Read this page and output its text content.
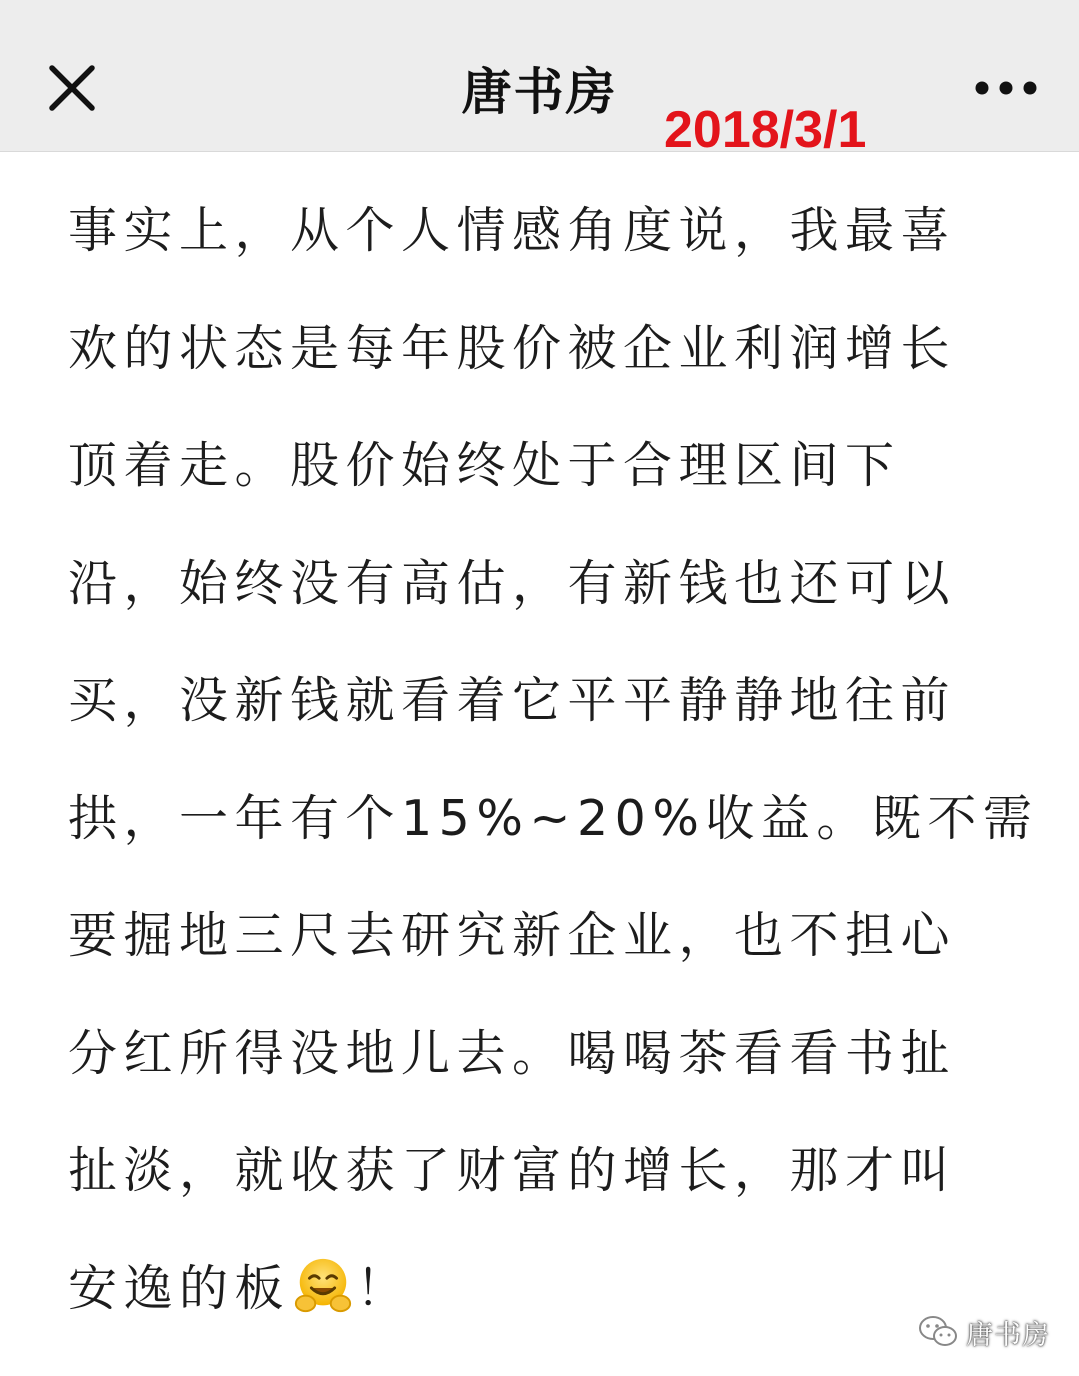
唐书房
2018/3/1
事实上，从个人情感角度说，我最喜
欢的状态是每年股价被企业利润增长
顶着走。股价始终处于合理区间下
沿，始终没有高估，有新钱也还可以
买，没新钱就看着它平平静静地往前
拱，一年有个15%~20%收益。既不需
要掘地三尺去研究新企业，也不担心
分红所得没地儿去。喝喝茶看看书扯
扯淡，就收获了财富的增长，那才叫
安逸的板 ！
唐书房
